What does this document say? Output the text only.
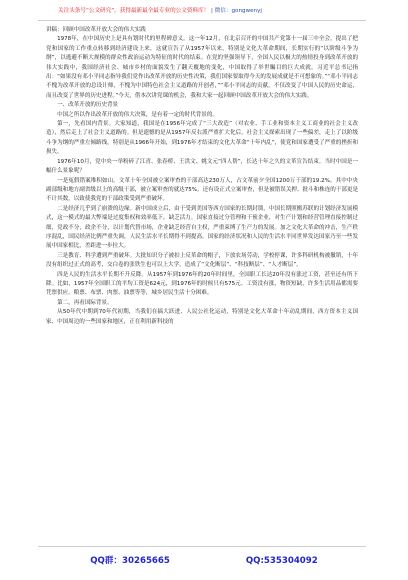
关注头条号“公文研究”，获得最新最全最专业的公文资料库！ | 微信：gongwenyj

讲稿：回顾中国改革开放大会的伟大实践

1978年，在中国历史上是具有划时代的里程碑意义。这一年12月，在北京召开的中国共产党第十一届三中全会，提出了把党和国家的工作重点转移到经济建设上来，这就宣告了从1957年以来，特别是文化大革命期间，长期实行的“以阶级斗争为纲”，以逃避不断大规模的群众性政治运动为特征的时代的结束。在党的坚强领导下，全国人民以极大的热情投身到改革开放的伟大实践中，我国经济社会、城市乡村的面貌发生了翻天覆地的变化，中国取得了举世瞩目的巨大成就。习近平总书记指出：“如果没有邓小平同志指导我们党作出改革开放的历史性决策，我们国家要取得今天的发展成就是不可想象的。”“邓小平同志不愧为改革开放的总设计师，不愧为中国特色社会主义道路的开创者，”“邓小平同志的贡献，不仅改变了中国人民的历史命运，而且改变了世界的历史进程。”今天，借本次讲党课的机会，我和大家一起回顾中国改革开放大会的伟大实践。

一、改革开放的历史背景

中国之所以作出改革开放的伟大决策，是有着一定的时代背景的。

第一，先看国内背景。大家知道，我国是在1956年完成了“三大改造”（对农业、手工业和资本主义工商业的社会主义改造），然后走上了社会主义道路的。但是遗憾的是从1957年反右派严重扩大化后，社会主义探索出现了一些偏差，走上了以阶级斗争为纲的严重左倾路线。特别是从1966年开始，到1976年才结束的文化大革命“十年内乱”，使党和国家遭受了严重的挫折和损失。

1976年10月，党中央一举粉碎了江青、张春桥、王洪文、姚文元“四人帮”，长达十年之久的文革宣告结束。当时中国是一幅什么景象呢？

一是冤假错案堆积如山。文革十年全国被立案审查的干部高达230万人，占文革前夕全国1200万干部的19.2%。其中中央副部级和地方副省级以上的高级干部，被立案审查的就达75%。还有设正式立案审查，但是被错误关押、批斗和株连的干部更是不计其数，以致使我党的干部政策受到严重破坏。

二是经济几乎到了崩溃的边缘。新中国成立后，由于受到美国等西方国家的长期封锁，中国长期照搬苏联的计划经济发展模式，这一模式的最大弊端是过度集权和效率低下，缺乏活力。国家直接过分管理和干预企业，对生产计划和经营管理直接控制过细，党政不分，政企不分，以计划代替市场，企业缺乏经营自主权，严重束缚了生产力的发展。加之文化大革命的冲击，生产秩序混乱，国民经济比例严重失调，人民生活水平长期得不到提高。国家的经济状况和人民的生活水平同世界发达国家乃至一些发展中国家相比，差距进一步拉大。

三是教育、科学遭到严重破坏。大批知识分子被扣上反革命的帽子，下放农场劳动，学校停课，许多科研机构被撤销，十年没有组织过正式的高考，交白卷的张铁生也可以上大学，造成了“文化断层”、“科技断层”、“人才断层”。

四是人民的生活水平长期不升反降。从1957年到1976年的20年时间里，全国职工长达20年没有涨过工资，甚至还有所下降。比如，1957年全国职工的平均工资是624元，到1976年的时候只有575元。工资没有涨，物资短缺，许多生活用品都需要凭票供应。粮票、布票、肉票、油票等等，城乡居民生活十分困难。

第二，再看国际背景。

从50年代中期到70年代初期，当我们在搞大跃进、人民公社化运动，特别是文化大革命十年动乱期间，西方资本主义国家、中国周边的一些国家和地区，正在利用新科技的

QQ群：30265665	QQ:535304092
